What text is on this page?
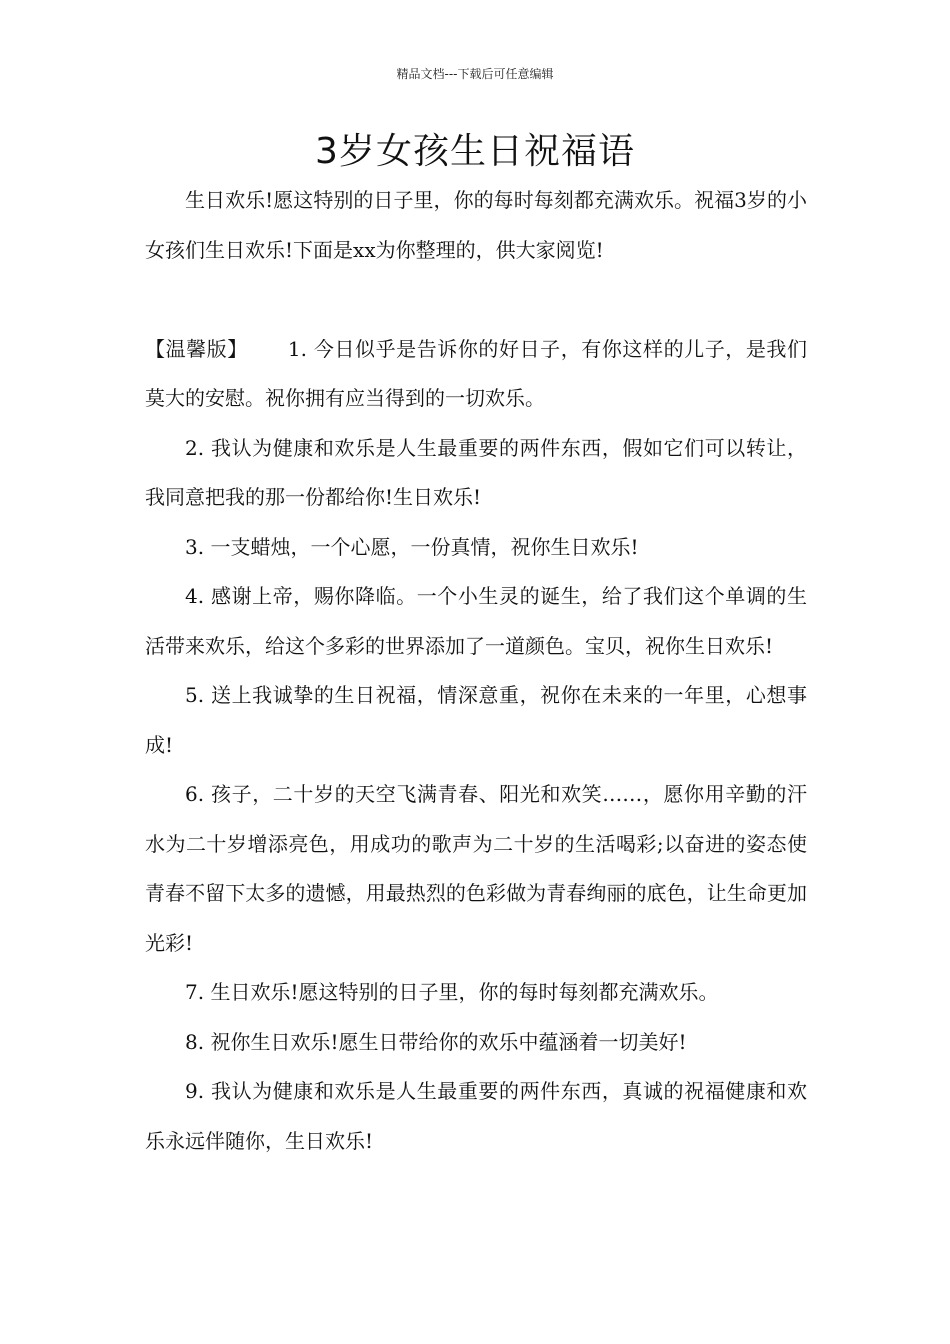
精品文档---下载后可任意编辑
3岁女孩生日祝福语

生日欢乐!愿这特别的日子里，你的每时每刻都充满欢乐。祝福3岁的小女孩们生日欢乐!下面是xx为你整理的，供大家阅览!

【温馨版】 1. 今日似乎是告诉你的好日子，有你这样的儿子，是我们莫大的安慰。祝你拥有应当得到的一切欢乐。

2. 我认为健康和欢乐是人生最重要的两件东西，假如它们可以转让，我同意把我的那一份都给你!生日欢乐!

3. 一支蜡烛，一个心愿，一份真情，祝你生日欢乐!

4. 感谢上帝，赐你降临。一个小生灵的诞生，给了我们这个单调的生活带来欢乐，给这个多彩的世界添加了一道颜色。宝贝，祝你生日欢乐!

5. 送上我诚挚的生日祝福，情深意重，祝你在未来的一年里，心想事成!

6. 孩子，二十岁的天空飞满青春、阳光和欢笑……，愿你用辛勤的汗水为二十岁增添亮色，用成功的歌声为二十岁的生活喝彩;以奋进的姿态使青春不留下太多的遗憾，用最热烈的色彩做为青春绚丽的底色，让生命更加光彩!

7. 生日欢乐!愿这特别的日子里，你的每时每刻都充满欢乐。

8. 祝你生日欢乐!愿生日带给你的欢乐中蕴涵着一切美好!

9. 我认为健康和欢乐是人生最重要的两件东西，真诚的祝福健康和欢乐永远伴随你，生日欢乐!
